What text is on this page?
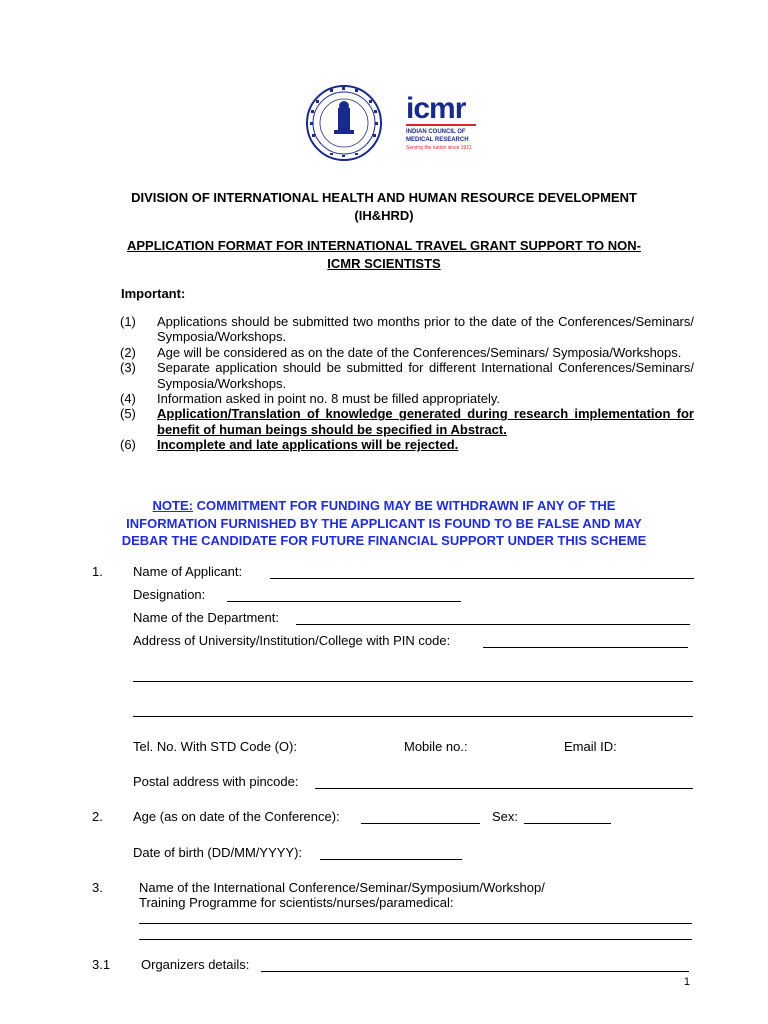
icmr
INDIAN COUNCIL OF
MEDICAL RESEARCH
Serving the nation since 1911
DIVISION OF INTERNATIONAL HEALTH AND HUMAN RESOURCE DEVELOPMENT
(IH&HRD)
APPLICATION FORMAT FOR INTERNATIONAL TRAVEL GRANT SUPPORT TO NON-
ICMR SCIENTISTS
Important:
(1)	Applications should be submitted two months prior to the date of the Conferences/Seminars/ Symposia/Workshops.
(2)	Age will be considered as on the date of the Conferences/Seminars/ Symposia/Workshops.
(3)	Separate application should be submitted for different International Conferences/Seminars/ Symposia/Workshops.
(4)	Information asked in point no. 8 must be filled appropriately.
(5)	Application/Translation of knowledge generated during research implementation for benefit of human beings should be specified in Abstract.
(6)	Incomplete and late applications will be rejected.
NOTE: COMMITMENT FOR FUNDING MAY BE WITHDRAWN IF ANY OF THE
INFORMATION FURNISHED BY THE APPLICANT IS FOUND TO BE FALSE AND MAY
DEBAR THE CANDIDATE FOR FUTURE FINANCIAL SUPPORT UNDER THIS SCHEME
1. Name of Applicant:
Designation:
Name of the Department:
Address of University/Institution/College with PIN code:
Tel. No. With STD Code (O):	Mobile no.:	Email ID:
Postal address with pincode:
2. Age (as on date of the Conference):	Sex:
Date of birth (DD/MM/YYYY):
3.	Name of the International Conference/Seminar/Symposium/Workshop/
Training Programme for scientists/nurses/paramedical:
3.1 Organizers details:
1
